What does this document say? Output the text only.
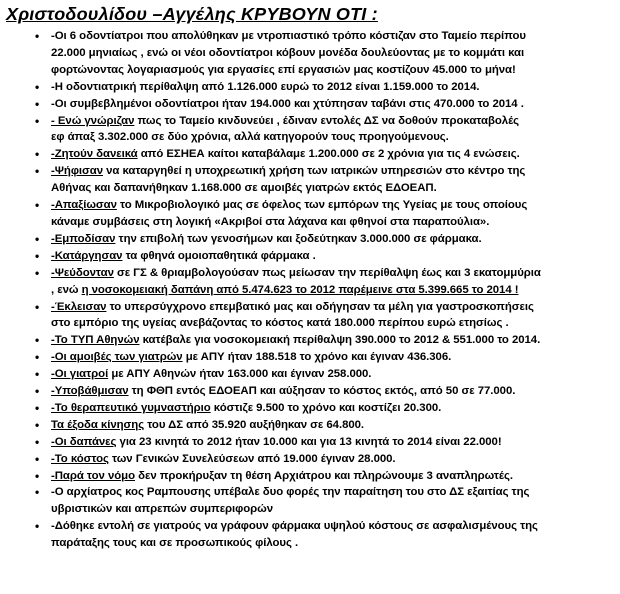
Χριστοδουλίδου –Αγγέλης ΚΡΥΒΟΥΝ ΟΤΙ :
• -Οι 6 οδοντίατροι που απολύθηκαν με ντροπιαστικό τρόπο κόστιζαν στο Ταμείο περίπου
22.000 μηνιαίως , ενώ οι νέοι οδοντίατροι κόβουν μονέδα δουλεύοντας με το κομμάτι και
φορτώνοντας λογαριασμούς για εργασίες επί εργασιών μας κοστίζουν 45.000 το μήνα!
• -Η οδοντιατρική περίθαλψη από 1.126.000 ευρώ το 2012 είναι 1.159.000 το 2014.
• -Οι συμβεβλημένοι οδοντίατροι ήταν 194.000 και χτύπησαν ταβάνι στις 470.000 το 2014 .
• - Ενώ γνώριζαν πως το Ταμείο κινδυνεύει , έδιναν εντολές ΔΣ να δοθούν προκαταβολές
εφ άπαξ 3.302.000 σε δύο χρόνια, αλλά κατηγορούν τους προηγούμενους.
• -Ζητούν δανεικά από ΕΣΗΕΑ καίτοι καταβάλαμε 1.200.000 σε 2 χρόνια για τις 4 ενώσεις.
• -Ψήφισαν να καταργηθεί η υποχρεωτική χρήση των ιατρικών υπηρεσιών στο κέντρο της
Αθήνας και δαπανήθηκαν 1.168.000 σε αμοιβές γιατρών εκτός ΕΔΟΕΑΠ.
• -Απαξίωσαν το Μικροβιολογικό μας σε όφελος των εμπόρων της Υγείας με τους οποίους
κάναμε συμβάσεις στη λογική «Ακριβοί στα λάχανα και φθηνοί στα παραπούλια».
• -Εμποδίσαν την επιβολή των γενοσήμων και ξοδεύτηκαν 3.000.000 σε φάρμακα.
• -Κατάργησαν τα φθηνά ομοιοπαθητικά φάρμακα .
• -Ψεύδονταν σε ΓΣ & θριαμβολογούσαν πως μείωσαν την περίθαλψη έως και 3 εκατομμύρια
, ενώ η νοσοκομειακή δαπάνη από 5.474.623 το 2012 παρέμεινε στα 5.399.665 το 2014 !
• -Έκλεισαν το υπερσύγχρονο επεμβατικό μας και οδήγησαν τα μέλη για γαστροσκοπήσεις
στο εμπόριο της υγείας ανεβάζοντας το κόστος κατά 180.000 περίπου ευρώ ετησίως .
• -Το ΤΥΠ Αθηνών κατέβαλε για νοσοκομειακή περίθαλψη 390.000 το 2012 & 551.000 το 2014.
• -Οι αμοιβές των γιατρών με ΑΠΥ ήταν 188.518 το χρόνο και έγιναν 436.306.
• -Οι γιατροί με ΑΠΥ Αθηνών ήταν 163.000 και έγιναν 258.000.
• -Υποβάθμισαν τη ΦΘΠ εντός ΕΔΟΕΑΠ και αύξησαν το κόστος εκτός, από 50 σε 77.000.
• -Το θεραπευτικό γυμναστήριο κόστιζε 9.500 το χρόνο και κοστίζει 20.300.
• Τα έξοδα κίνησης του ΔΣ από 35.920 αυξήθηκαν σε 64.800.
• -Οι δαπάνες για 23 κινητά το 2012 ήταν 10.000 και για 13 κινητά το 2014 είναι 22.000!
• -Το κόστος των Γενικών Συνελεύσεων από 19.000 έγιναν 28.000.
• -Παρά τον νόμο δεν προκήρυξαν τη θέση Αρχιάτρου και πληρώνουμε 3 αναπληρωτές.
• -Ο αρχίατρος κος Ραμπουσης υπέβαλε δυο φορές την παραίτηση του στο ΔΣ εξαιτίας της
υβριστικών και απρεπών συμπεριφορών
• -Δόθηκε εντολή σε γιατρούς να γράφουν φάρμακα υψηλού κόστους σε ασφαλισμένους της
παράταξης τους και σε προσωπικούς φίλους .
